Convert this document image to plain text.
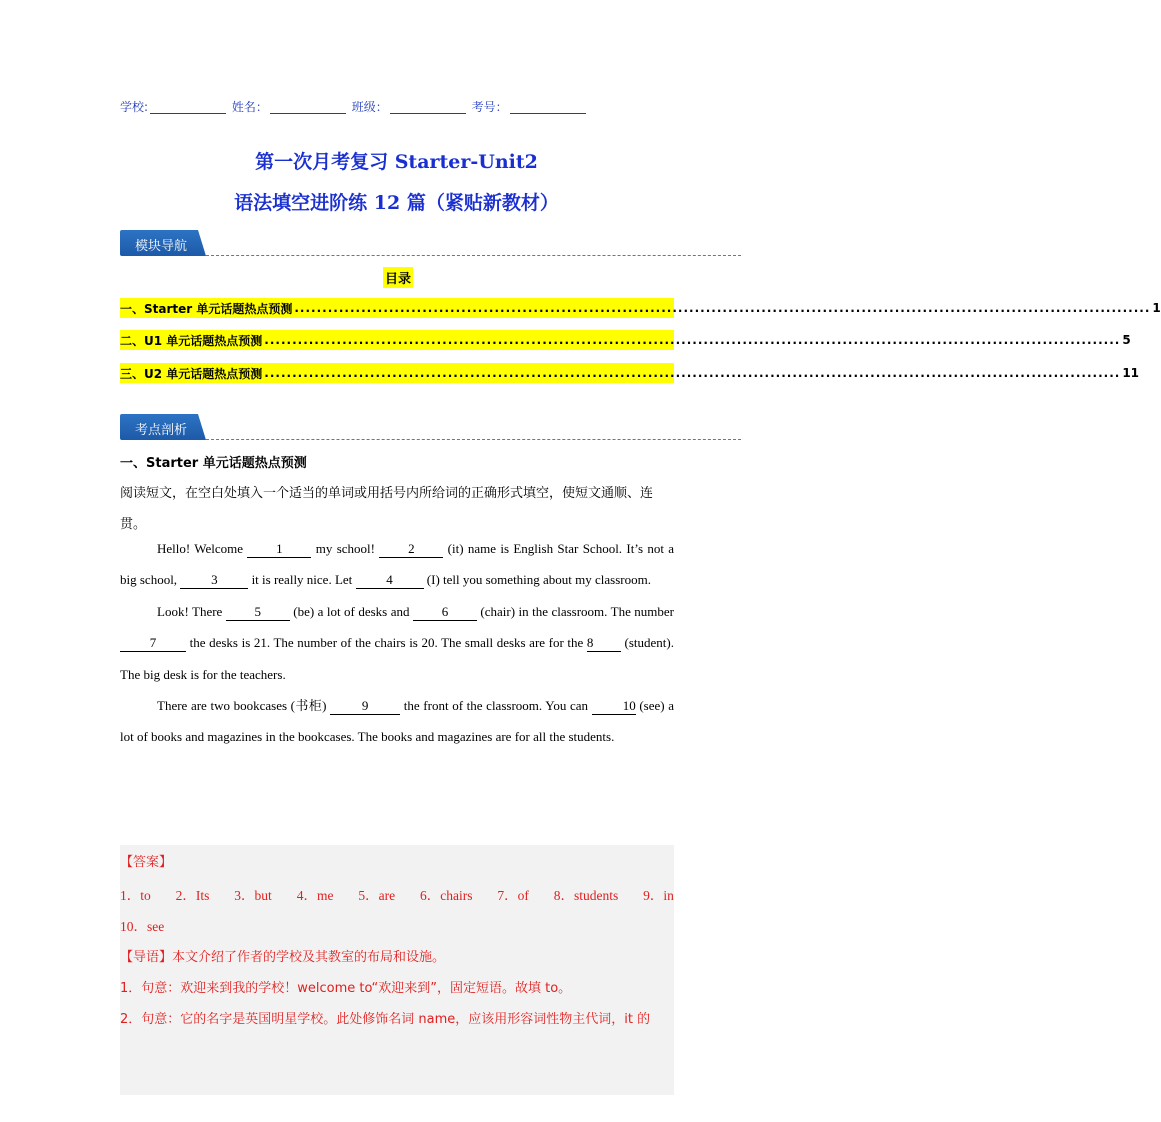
学校:	姓名：	班级：	考号：
第一次月考复习 Starter-Unit2
语法填空进阶练 12 篇（紧贴新教材）
模块导航
目录
一、Starter 单元话题热点预测 .......................................................................................................................................................... 1
二、U1 单元话题热点预测 .......................................................................................................................................................... 5
三、U2 单元话题热点预测 .......................................................................................................................................................... 11
考点剖析
一、Starter 单元话题热点预测
阅读短文，在空白处填入一个适当的单词或用括号内所给词的正确形式填空，使短文通顺、连贯。

Hello! Welcome	1	my school!	2	(it) name is English Star School. It’s not a big school,	3	it is really nice. Let	4	(I) tell you something about my classroom.

Look! There 5 (be) a lot of desks and 6 (chair) in the classroom. The number 7	the desks is 21. The number of the chairs is 20. The small desks are for the 8 (student). The big desk is for the teachers.

There are two bookcases (书柜)	9	the front of the classroom. You can	10 (see) a lot of books and magazines in the bookcases. The books and magazines are for all the students.

【答案】
1．to 2．Its 3．but 4．me 5．are 6．chairs 7．of 8．students 9．in
10．see
【导语】本文介绍了作者的学校及其教室的布局和设施。
1．句意：欢迎来到我的学校！welcome to“欢迎来到”，固定短语。故填 to。
2．句意：它的名字是英国明星学校。此处修饰名词 name，应该用形容词性物主代词，it 的
